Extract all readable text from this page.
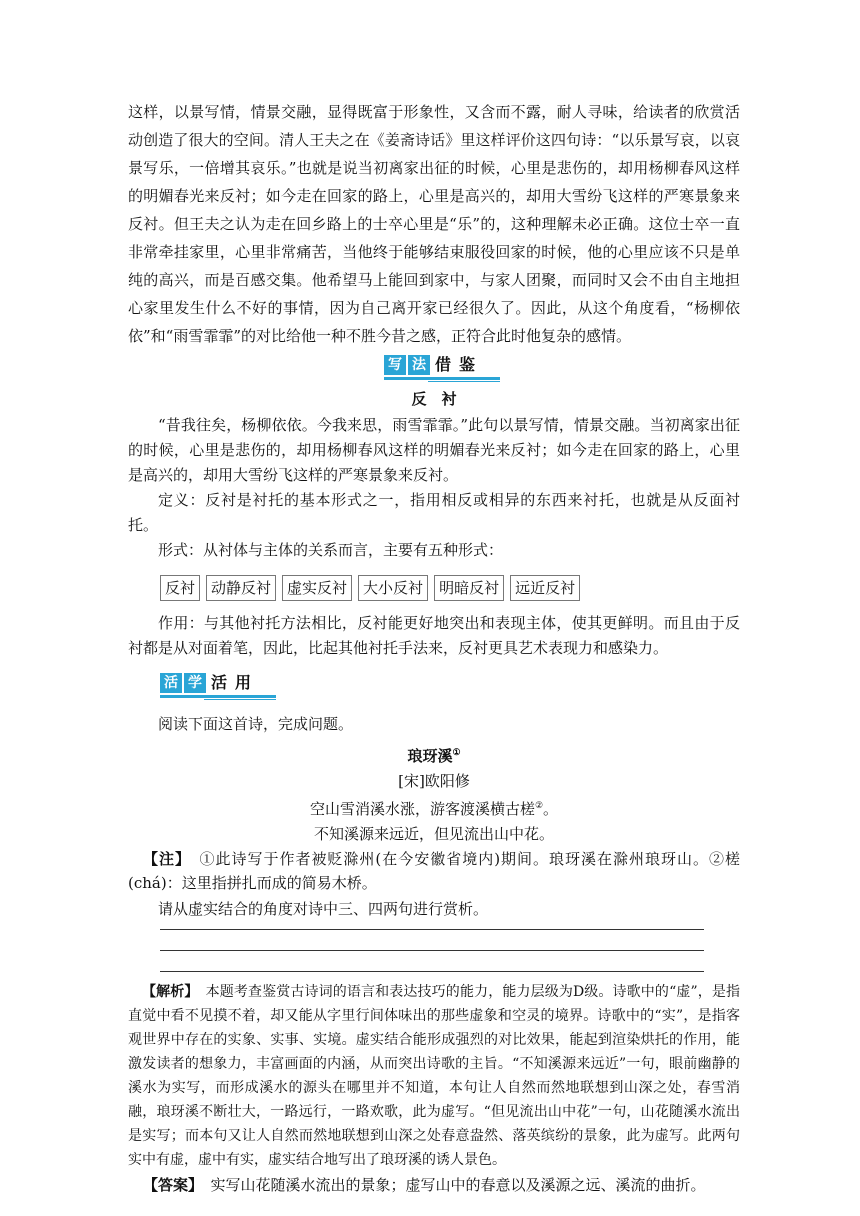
这样，以景写情，情景交融，显得既富于形象性，又含而不露，耐人寻味，给读者的欣赏活动创造了很大的空间。清人王夫之在《姜斋诗话》里这样评价这四句诗：“以乐景写哀，以哀景写乐，一倍增其哀乐。”也就是说当初离家出征的时候，心里是悲伤的，却用杨柳春风这样的明媚春光来反衬；如今走在回家的路上，心里是高兴的，却用大雪纷飞这样的严寒景象来反衬。但王夫之认为走在回乡路上的士卒心里是“乐”的，这种理解未必正确。这位士卒一直非常牵挂家里，心里非常痛苦，当他终于能够结束服役回家的时候，他的心里应该不只是单纯的高兴，而是百感交集。他希望马上能回到家中，与家人团聚，而同时又会不由自主地担心家里发生什么不好的事情，因为自己离开家已经很久了。因此，从这个角度看，“杨柳依依”和“雨雪霏霏”的对比给他一种不胜今昔之感，正符合此时他复杂的感情。

写 法 借 鉴

反　衬

“昔我往矣，杨柳依依。今我来思，雨雪霏霏。”此句以景写情，情景交融。当初离家出征的时候，心里是悲伤的，却用杨柳春风这样的明媚春光来反衬；如今走在回家的路上，心里是高兴的，却用大雪纷飞这样的严寒景象来反衬。

定义：反衬是衬托的基本形式之一，指用相反或相异的东西来衬托，也就是从反面衬托。

形式：从衬体与主体的关系而言，主要有五种形式：

反衬	动静反衬	虚实反衬	大小反衬	明暗反衬	远近反衬

作用：与其他衬托方法相比，反衬能更好地突出和表现主体，使其更鲜明。而且由于反衬都是从对面着笔，因此，比起其他衬托手法来，反衬更具艺术表现力和感染力。

活 学 活 用

阅读下面这首诗，完成问题。

琅玡溪①

[宋]欧阳修

空山雪消溪水涨，游客渡溪横古槎②。

不知溪源来远近，但见流出山中花。

【注】　 ①此诗写于作者被贬滁州(在今安徽省境内)期间。琅玡溪在滁州琅玡山。②槎(chá)：这里指拼扎而成的简易木桥。

请从虚实结合的角度对诗中三、四两句进行赏析。

【解析】　 本题考查鉴赏古诗词的语言和表达技巧的能力，能力层级为D级。诗歌中的“虚”，是指直觉中看不见摸不着，却又能从字里行间体味出的那些虚象和空灵的境界。诗歌中的“实”，是指客观世界中存在的实象、实事、实境。虚实结合能形成强烈的对比效果，能起到渲染烘托的作用，能激发读者的想象力，丰富画面的内涵，从而突出诗歌的主旨。“不知溪源来远近”一句，眼前幽静的溪水为实写，而形成溪水的源头在哪里并不知道，本句让人自然而然地联想到山深之处，春雪消融，琅玡溪不断壮大，一路远行，一路欢歌，此为虚写。“但见流出山中花”一句，山花随溪水流出是实写；而本句又让人自然而然地联想到山深之处春意盎然、落英缤纷的景象，此为虚写。此两句实中有虚，虚中有实，虚实结合地写出了琅玡溪的诱人景色。

【答案】　 实写山花随溪水流出的景象；虚写山中的春意以及溪源之远、溪流的曲折。
